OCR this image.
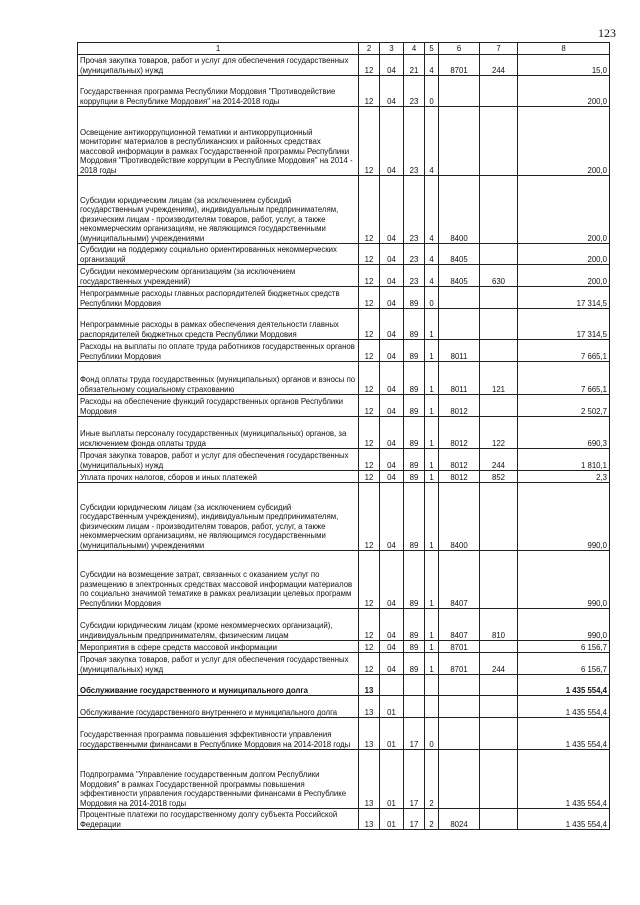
123
1	2	3	4	5	6	7	8
Прочая закупка товаров, работ и услуг для обеспечения государственных (муниципальных) нужд	12	04	21	4	8701	244	15,0
Государственная программа Республики Мордовия "Противодействие коррупции в Республике Мордовия" на 2014-2018 годы	12	04	23	0			200,0
Освещение антикоррупционной тематики и антикоррупционный мониторинг материалов в республиканских и районных средствах массовой информации в рамках Государственной программы Республики Мордовия "Противодействие коррупции в Республике Мордовия" на 2014 - 2018 годы	12	04	23	4			200,0
Субсидии юридическим лицам (за исключением субсидий государственным учреждениям), индивидуальным предпринимателям, физическим лицам - производителям товаров, работ, услуг, а также некоммерческим организациям, не являющимся государственными (муниципальными) учреждениями	12	04	23	4	8400		200,0
Субсидии на поддержку социально ориентированных некоммерческих организаций	12	04	23	4	8405		200,0
Субсидии некоммерческим организациям (за исключением государственных учреждений)	12	04	23	4	8405	630	200,0
Непрограммные расходы главных распорядителей бюджетных средств Республики Мордовия	12	04	89	0			17 314,5
Непрограммные расходы в рамках обеспечения деятельности главных распорядителей бюджетных средств Республики Мордовия	12	04	89	1			17 314,5
Расходы на выплаты по оплате труда работников государственных органов Республики Мордовия	12	04	89	1	8011		7 665,1
Фонд оплаты труда государственных (муниципальных) органов и взносы по обязательному социальному страхованию	12	04	89	1	8011	121	7 665,1
Расходы на обеспечение функций государственных органов Республики Мордовия	12	04	89	1	8012		2 502,7
Иные выплаты персоналу государственных (муниципальных) органов, за исключением фонда оплаты труда	12	04	89	1	8012	122	690,3
Прочая закупка товаров, работ и услуг для обеспечения государственных (муниципальных) нужд	12	04	89	1	8012	244	1 810,1
Уплата прочих налогов, сборов и иных платежей	12	04	89	1	8012	852	2,3
Субсидии юридическим лицам (за исключением субсидий государственным учреждениям), индивидуальным предпринимателям, физическим лицам - производителям товаров, работ, услуг, а также некоммерческим организациям, не являющимся государственными (муниципальными) учреждениями	12	04	89	1	8400		990,0
Субсидии на возмещение затрат, связанных с оказанием услуг по размещению в электронных средствах массовой информации материалов по социально значимой тематике в рамках реализации целевых программ Республики Мордовия	12	04	89	1	8407		990,0
Субсидии юридическим лицам (кроме некоммерческих организаций), индивидуальным предпринимателям, физическим лицам	12	04	89	1	8407	810	990,0
Мероприятия в сфере средств массовой информации	12	04	89	1	8701		6 156,7
Прочая закупка товаров, работ и услуг для обеспечения государственных (муниципальных) нужд	12	04	89	1	8701	244	6 156,7
Обслуживание государственного и муниципального долга	13						1 435 554,4
Обслуживание государственного внутреннего и муниципального долга	13	01					1 435 554,4
Государственная программа повышения эффективности управления государственными финансами в Республике Мордовия на 2014-2018 годы	13	01	17	0			1 435 554,4
Подпрограмма "Управление государственным долгом Республики Мордовия" в рамках Государственной программы повышения эффективности управления государственными финансами в Республике Мордовия на 2014-2018 годы	13	01	17	2			1 435 554,4
Процентные платежи по государственному долгу субъекта Российской Федерации	13	01	17	2	8024		1 435 554,4
